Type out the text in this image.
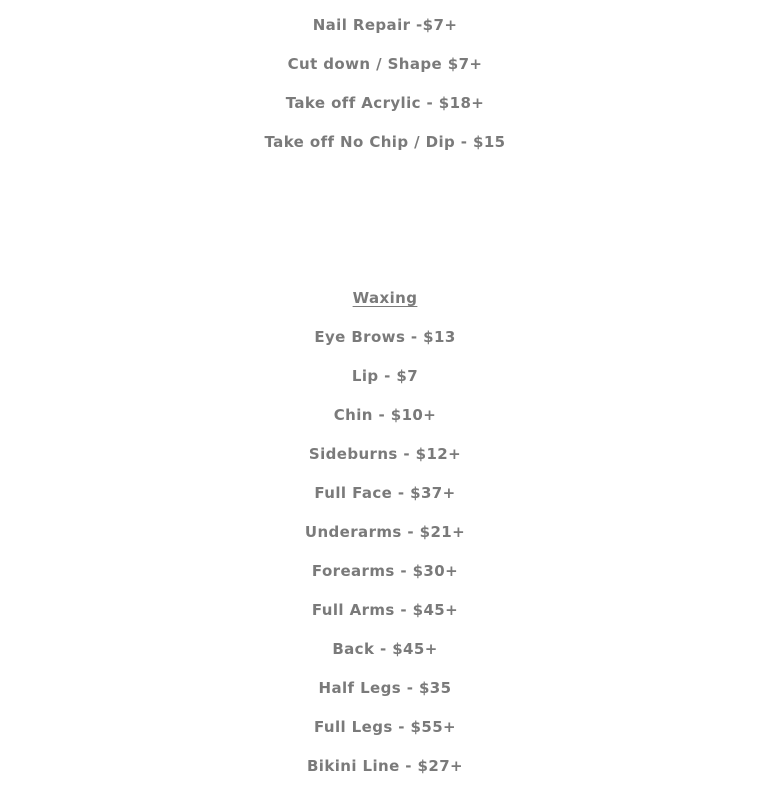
Nail Repair -$7+
Cut down / Shape $7+
Take off Acrylic - $18+
Take off No Chip / Dip - $15
Waxing
Eye Brows - $13
Lip - $7
Chin - $10+
Sideburns - $12+
Full Face - $37+
Underarms - $21+
Forearms - $30+
Full Arms - $45+
Back - $45+
Half Legs - $35
Full Legs - $55+
Bikini Line - $27+
